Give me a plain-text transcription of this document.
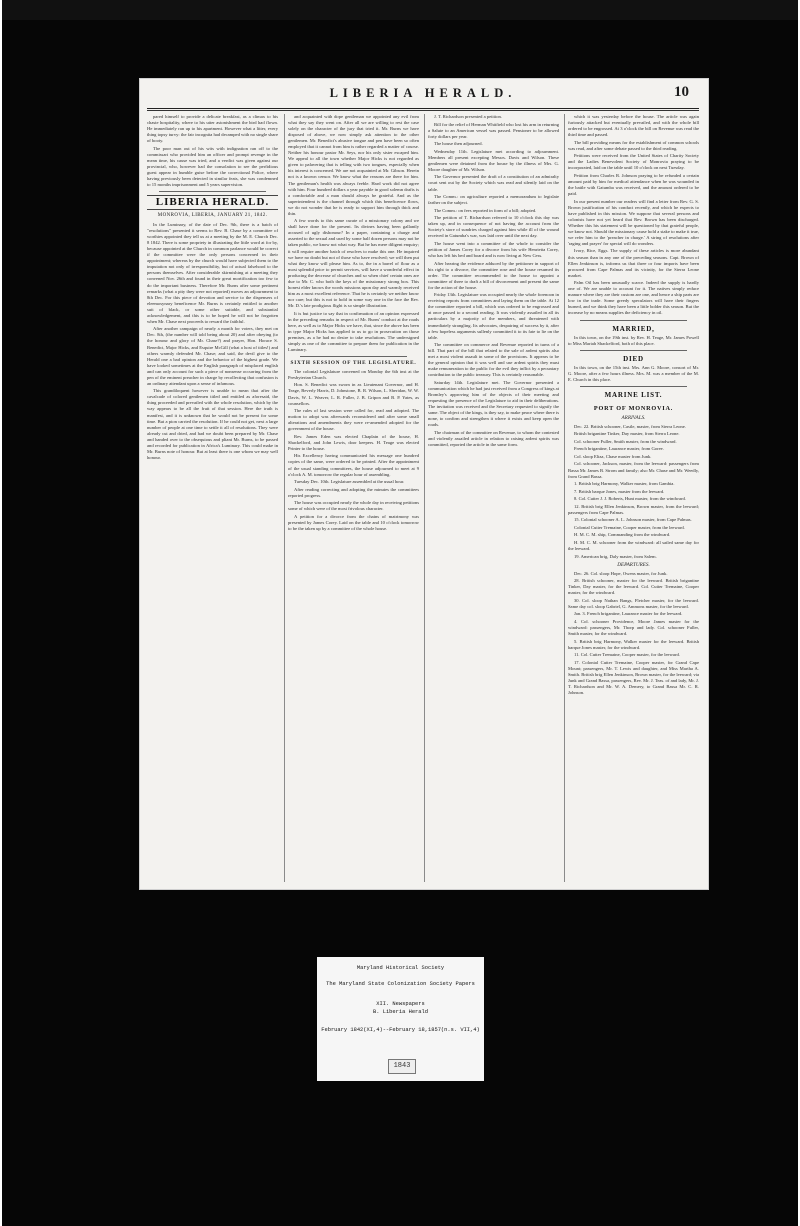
LIBERIA HERALD.	10

pared himself to provide a delicate breakfast, as a climax to his chaste hospitality, where to his utter astonishment the bird had flown. He immediately ran up to his apartment. However what a litter, every thing topsy turvy: the fair incognita had decamped with no single share of booty.

The poor man out of his wits with indignation ran off to the commissari who provided him an officer and prompt revenge in the mean time, his cause was tried, and a verdict was given against our provincial, who, however had the consolation to see the perfidious guest appear in humble guise before the correctional Police, where having previously been detected in similar feats, she was condemned to 15 months imprisonment and 5 years supervision.

LIBERIA HERALD.
MONROVIA, LIBERIA, JANUARY 21, 1842.

In the Luminary, of the date of Dec. 9th, there is a batch of "resolutions" presented it seems to Rev. B. Chase by a committee of worthies appointed they tell us at a meeting by the M. E. Church Dec. 8 1842. There is some propriety in illustrating the little word at for by, because appointed at the Church in common parlance would be correct if the committee were the only persons concerned in their appointment; whereas by the church would have subjected them to the imputation not only of irresponsibility, but of actual falsehood to the persons themselves. After considerable skirmishing at a meeting they convened Nov. 26th and found in their great mortification too few to do the important business. Therefore Mr. Burns after some pertinent remarks (what a pity they were not reported) moves an adjournment to 8th Dec. For this piece of devotion and service to the dispensers of eleemosynary beneficence Mr. Burns is certainly entitled to another suit of black, or some other suitable, and substantial acknowledgement, and this is to be hoped he will not be forgotten when Mr. Chase next proceeds to reward the faithful.

After another campaign of nearly a month for voters, they met on Dec. 8th, (the number will told being about 20) and after obeying (to the honour and glory of Mr. Chase?) and prayer, Hon. Horace S. Benedict, Major Hicks, and Esquire McGill (what a host of titles!) and others warmly defended Mr. Chase; and said, the devil give to the Herald one a bad opinion and the behavior of the highest grade. We have looked sometimes at the English paragraph of misplaced english and can only account for such a piece of nonsense occurring from the pen of the eminent preacher in charge by recollecting that confusion is an ordinary attendant upon a sense of infamous.

This grandiloquent however is unable to mean that after the cavalcade of colored gentlemen titled and entitled as aforesaid, the thing proceeded and prevailed with the whole resolution, which by the way appears to be all the fruit of that session. Here the truth is manifest, and it is unknown that he would not be present for some time. But a pion carried the resolution. If he could not get, next a large number of people at one time to settle it all of resolutions. They were already cut and dried, and had we doubt been prepared by Mr. Chase and handed over to the obsequious and pliant Mr. Burns, to be passed and recorded for publication in Africa's Luminary. This could make in Mr. Burns note of honour. But at least there is one whom we may well honour.

and acquainted with dope gentleman we appointed any evil from what they say they went on. After all we are willing to rest the case solely on the character of the jury that tried it. Mr. Burns we have disposed of above, we now simply ask attention to the other gentlemen. Mr. Benedict's abusive tongue and pen have been so often employed that it cannot from him is rather regarded a matter of course. Neither his honour pastor Mr. Seys, nor his only sister escaped him. We appeal to all the town whether Major Hicks is not regarded as given to palavering that is telling with two tongues, especially when his interest is concerned. We are not acquainted at Mr. Gibson. Herein not is a known censor. We know what the reasons are there for him. The gentleman's health was always feeble. Hard work did not agree with him. Four hundred dollars a year payable in good solemn drafts is a comfortable and a man should always be grateful. And as the superintendent is the channel through which this beneficence flows, we do not wonder that he is ready to support him through thick and thin.

A few words to this same curate of a missionary colony and we shall have done for the present. Its divines having been gallantly accused of ugly dishonour? In a paper, containing a charge and asserted to the sexual and used by some half dozen persons may not be taken public, we know not what way. But he has mere diligent enquiry; it will require another batch of resolves to make this one. He inquired we have no doubt but not of those who have resolved; we will then put what they know will please him. As to, the in a barrel of flour as a most splendid price to permit services, will have a wonderful effect in producing the decrease of churches and so when chief certain ones are due to Mr. C. who both the keys of the missionary strong box. This honest elder knows the words missions upon day and warmly received him as a most excellent reference. That he is certainly we neither know nor care; but this is not to hold in some way one in the face the Rev. Mr. D.'s late prodigious flight is so simple illustration.

It is but justice to say that in confirmation of an opinion expressed in the preceding remarks in respect of Mr. Burns' conduct at the roads here, as well as to Major Hicks we have, that, since the above has been in type Major Hicks has applied to us to go in prosecution on those premises, as a he had no desire to take resolutions. The undersigned simply as one of the committee to prepare them for publication in the Luminary.

SIXTH SESSION OF THE LEGISLATURE.

The colonial Legislature convened on Monday the 6th inst at the Presbyterian Church.

Hon. S. Benedict was sworn in as Lieutenant Governor, and H. Teage, Beverly Harris, D. Johnstone, B. R. Wilson, L. Sheridan, W. W. Davis, W. L. Weaver, L. R. Fuller, J. B. Gripon and B. P. Yates, as counsellors.

The rules of last session were called for, read and adopted. The motion to adopt was afterwards reconsidered and after some small alterations and amendments they were re-amended adopted for the government of the house.

Rev. James Eden was elected Chaplain of the house, H. Shackelford, and John Lewis, door keepers. H. Teage was elected Printer to the house.

His Excellency having communicated his message one hundred copies of the same, were ordered to be printed. After the appointment of the usual standing committees, the house adjourned to meet at 9 o'clock A. M. tomorrow the regular hour of assembling.

Tuesday Dec. 10th. Legislature assembled at the usual hour.

After reading correcting and adopting the minutes the committees reported progress.

The house was occupied nearly the whole day in receiving petitions some of which were of the most frivolous character.

A petition for a divorce from the chains of matrimony was presented by James Corey. Laid on the table and 10 o'clock tomorrow to be the taken up by a committee of the whole house.

J. T. Richardson presented a petition.

Bill for the relief of Herman Whitfield who lost his arm in returning a Salute to an American vessel was passed. Pensioner to be allowed forty dollars per year.

The house then adjourned.

Wednesday 11th. Legislature met according to adjournment. Members all present excepting Messrs. Davis and Wilson. These gentlemen were detained from the house by the illness of Mrs. G. Moore daughter of Mr. Wilson.

The Governor presented the draft of a constitution of an admiralty court sent out by the Society which was read and silently laid on the table.

The Comm.: on agriculture reported a memorandum to legislate farther on the subject.

The Comm.: on fees reported in form of a bill; adopted.

The petition of T. Richardson referred to 10 o'clock this day was taken up, and in consequence of not having the account from the Society's store of sundries charged against him while ill of the wound received in Gatumba's war, was laid over until the next day.

The house went into a committee of the whole to consider the petition of James Corey for a divorce from his wife Henrietta Corey, who has left his bed and board and is now living at New Cess.

After hearing the evidence adduced by the petitioner in support of his right to a divorce, the committee rose and the house resumed its order. The committee recommended to the house to appoint a committee of three to draft a bill of divorcement and present the same for the action of the house.

Friday 13th. Legislature was occupied nearly the whole forenoon in receiving reports from committees and laying them on the table. At 12 the committee reported a bill, which was ordered to be engrossed and at once passed to a second reading. It was violently assailed in all its particulars by a majority of the members, and threatened with immediately strangling. Its advocates, despairing of success by it, after a few hopeless arguments sullenly committed it to its fate to lie on the table.

The committee on commerce and Revenue reported in turns of a bill. That part of the bill that related to the sale of ardent spirits also met a most violent assault in some of the provisions. It appears to be the general opinion that it was well and use ardent spirits they must make remuneration to the public for the evil they inflict by a pecuniary contribution to the public treasury. This is certainly reasonable.

Saturday 14th. Legislature met. The Governor presented a communication which he had just received from a Congress of kings at Bromley's approving him of the objects of their meeting and requesting the presence of the Legislature to aid in their deliberations. The invitation was received and the Secretary requested to signify the same. The object of the kings, is they say, to make peace where there is none, to confirm and strengthen it where it exists and keep open the roads.

The chairman of the committee on Revenue, to whom the contested and violently assailed article in relation to raising ardent spirits was committed, reported the article in the same form.

which it was yesterday before the house. The article was again furiously attacked but eventually prevailed, and with the whole bill ordered to be engrossed. At 3 o'clock the bill on Revenue was read the third time and passed.

The bill providing means for the establishment of common schools was read, and after some debate passed to the third reading.

Petitions were received from the United States of Charity Society and the Ladies Benevolent Society of Monrovia praying to be incorporated, laid on the table until 10 o'clock on next Tuesday.

Petition from Charles R. Johnson praying to be refunded a certain amount paid by him for medical attendance when he was wounded in the battle with Gatumba was received, and the amount ordered to be paid.

In our present number our readers will find a letter from Rev. G. S. Brown justification of his conduct recently, and which he expects to have published in this mission. We suppose that several persons and colonists have not yet heard that Rev. Brown has been discharged. Whether this his statement will be questioned by that grateful people, we know not. Should the missionary cause hold a stake to make it true, we refer him to the 'preacher in charge.' A string of resolutions after 'raging and prayer' for special will do wonders.

Ivory, Rice, Eggs. The supply of these articles is more abundant this season than in any one of the preceding seasons. Capt. Brown of Ellen Jenkinson is, informs us that three or four imports have been procured from Cape Palmas and its vicinity, for the Sierra Leone market.

Palm Oil has been unusually scarce. Indeed the supply is hardly one of. We are unable to account for it. The natives simply reduce manure where they are their custom are one, and hence a ship parts are low in the trade. Some greedy speculators will have their fingers burned, and we think they have been a little bolder this season. But the increase by no means supplies the deficiency in oil.

MARRIED,

In this town, on the 19th inst. by Rev. H. Teage, Mr. James Powell to Miss Mariah Shackelford, both of this place.

DIED

In this town, on the 15th inst. Mrs. Ann G. Moore, consort of Mr. G. Moore, after a few hours illness. Mrs. M. was a member of the M. E. Church in this place.

MARINE LIST.
PORT OF MONROVIA.
ARRIVALS.

Dec. 22. British schooner, Castle, master, from Sierra Leone.

British brigantine Tinker, Day master, from Sierra Leone.

Col. schooner Fuller, Smith master, from the windward.

French brigantine, Laurance master, from Goree.

Col. sloop Eliza, Chase master from Junk.

Col. schooner, Jackson, master, from the leeward: passengers from Bassa Mr. James B. Strom and family; also Mr. Chase and Mr. Weedly, from Grand Bassa.

1. British brig Harmony, Walker master, from Gambia.

7. British barque Jones, master from the leeward.

8. Col. Cutter J. J. Roberts, Hunt master, from the windward.

12. British brig Ellen Jenkinson, Brown master, from the leeward; passengers from Cape Palmas.

15. Colonial schooner A. L. Johnson master, from Cape Palmas.

Colonial Cutter Tremaine, Cooper master, from the leeward.

H. M. C. M. ship, Commanding from the windward.

H. M. C. M. schooner from the windward: all sailed same day for the leeward.

19. American brig, Daly master, from Salem.

DEPARTURES.

Dec. 26. Col. sloop Hope, Owens master, for Junk.

28. British schooner, master for the leeward. British brigantine Tinker, Day master, for the leeward. Col. Cutter Tremaine, Cooper master, for the windward.

30. Col. sloop Nathan Bangs, Fletcher master, for the leeward. Same day col. sloop Gabriel, G. Ammons master, for the leeward.

Jan. 3. French brigantine, Laurance master for the leeward.

4. Col. schooner Providence, Moore James master for the windward: passengers, Mr. Thorp and lady. Col. schooner Fuller, Smith master, for the windward.

5. British brig Harmony, Walker master for the leeward. British barque Jones master, for the windward.

11. Col. Cutter Tremaine, Cooper master, for the leeward.

17. Colonial Cutter Tremaine, Cooper master, for Grand Cape Mount; passengers, Mr. T. Lewis and daughter, and Miss Martha A. Smith. British brig Ellen Jenkinson, Brown master, for the leeward; via Junk and Grand Bassa, passengers, Rev. Mr. J. Teas. of and lady, Mr. J. T. Richardson and Mr. W. A. Demery, to Grand Bassa Mr. C. R. Johnson.

Maryland Historical Society
The Maryland State Colonization Society Papers
XII. Newspapers
B. Liberia Herald
February 1842(XI,4)--February 18,1857(n.s. VII,4)
1843
